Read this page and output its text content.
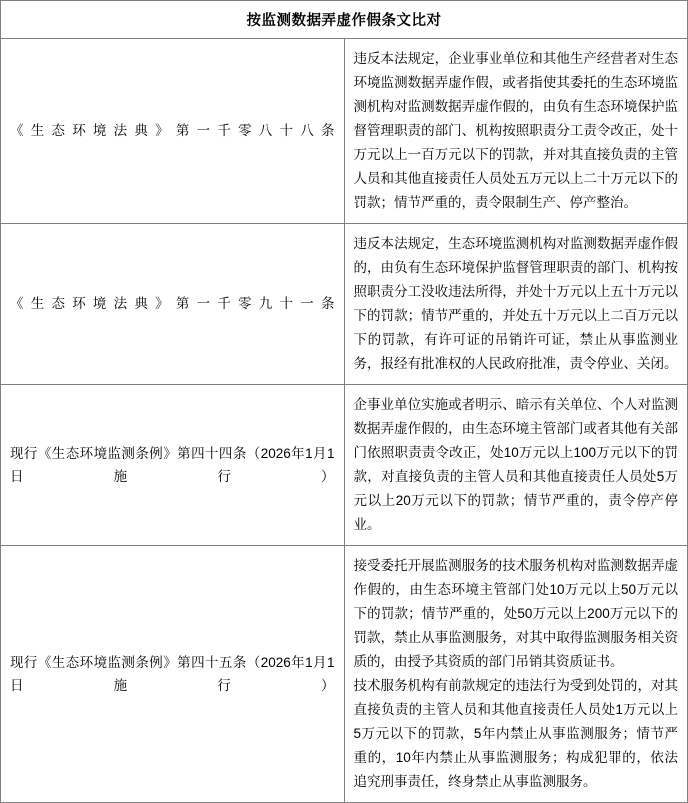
按监测数据弄虚作假条文比对	
《生态环境法典》第一千零八十八条	违反本法规定，企业事业单位和其他生产经营者对生态环境监测数据弄虚作假，或者指使其委托的生态环境监测机构对监测数据弄虚作假的，由负有生态环境保护监督管理职责的部门、机构按照职责分工责令改正，处十万元以上一百万元以下的罚款，并对其直接负责的主管人员和其他直接责任人员处五万元以上二十万元以下的罚款；情节严重的，责令限制生产、停产整治。

《生态环境法典》第一千零九十一条	违反本法规定，生态环境监测机构对监测数据弄虚作假的，由负有生态环境保护监督管理职责的部门、机构按照职责分工没收违法所得，并处十万元以上五十万元以下的罚款；情节严重的，并处五十万元以上二百万元以下的罚款，有许可证的吊销许可证，禁止从事监测业务，报经有批准权的人民政府批准，责令停业、关闭。

现行《生态环境监测条例》第四十四条（2026年1月1日施行）	企事业单位实施或者明示、暗示有关单位、个人对监测数据弄虚作假的，由生态环境主管部门或者其他有关部门依照职责责令改正，处10万元以上100万元以下的罚款，对直接负责的主管人员和其他直接责任人员处5万元以上20万元以下的罚款；情节严重的，责令停产停业。

现行《生态环境监测条例》第四十五条（2026年1月1日施行）	接受委托开展监测服务的技术服务机构对监测数据弄虚作假的，由生态环境主管部门处10万元以上50万元以下的罚款；情节严重的，处50万元以上200万元以下的罚款，禁止从事监测服务，对其中取得监测服务相关资质的，由授予其资质的部门吊销其资质证书。

技术服务机构有前款规定的违法行为受到处罚的，对其直接负责的主管人员和其他直接责任人员处1万元以上5万元以下的罚款，5年内禁止从事监测服务；情节严重的，10年内禁止从事监测服务；构成犯罪的，依法追究刑事责任，终身禁止从事监测服务。
